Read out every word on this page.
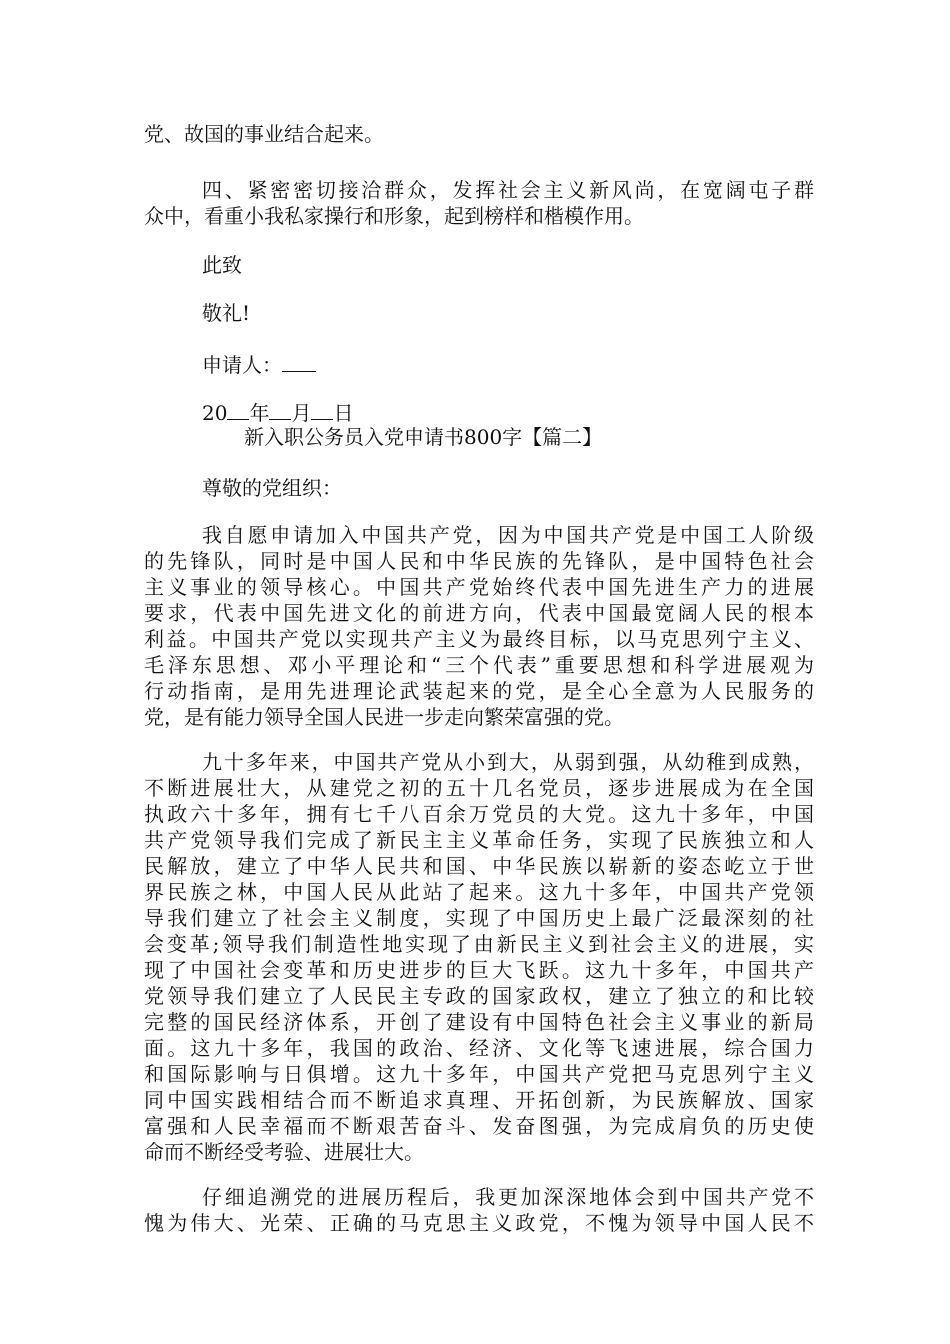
党、故国的事业结合起来。
四、紧密密切接洽群众，发挥社会主义新风尚，在宽阔屯子群
众中，看重小我私家操行和形象，起到榜样和楷模作用。
此致
敬礼!
申请人：
20 年 月 日
新入职公务员入党申请书800字【篇二】
尊敬的党组织：
我自愿申请加入中国共产党，因为中国共产党是中国工人阶级
的先锋队，同时是中国人民和中华民族的先锋队，是中国特色社会
主义事业的领导核心。中国共产党始终代表中国先进生产力的进展
要求，代表中国先进文化的前进方向，代表中国最宽阔人民的根本
利益。中国共产党以实现共产主义为最终目标，以马克思列宁主义、
毛泽东思想、邓小平理论和“三个代表”重要思想和科学进展观为
行动指南，是用先进理论武装起来的党，是全心全意为人民服务的
党，是有能力领导全国人民进一步走向繁荣富强的党。
九十多年来，中国共产党从小到大，从弱到强，从幼稚到成熟，
不断进展壮大，从建党之初的五十几名党员，逐步进展成为在全国
执政六十多年，拥有七千八百余万党员的大党。这九十多年，中国
共产党领导我们完成了新民主主义革命任务，实现了民族独立和人
民解放，建立了中华人民共和国、中华民族以崭新的姿态屹立于世
界民族之林，中国人民从此站了起来。这九十多年，中国共产党领
导我们建立了社会主义制度，实现了中国历史上最广泛最深刻的社
会变革;领导我们制造性地实现了由新民主义到社会主义的进展，实
现了中国社会变革和历史进步的巨大飞跃。这九十多年，中国共产
党领导我们建立了人民民主专政的国家政权，建立了独立的和比较
完整的国民经济体系，开创了建设有中国特色社会主义事业的新局
面。这九十多年，我国的政治、经济、文化等飞速进展，综合国力
和国际影响与日俱增。这九十多年，中国共产党把马克思列宁主义
同中国实践相结合而不断追求真理、开拓创新，为民族解放、国家
富强和人民幸福而不断艰苦奋斗、发奋图强，为完成肩负的历史使
命而不断经受考验、进展壮大。
仔细追溯党的进展历程后，我更加深深地体会到中国共产党不
愧为伟大、光荣、正确的马克思主义政党，不愧为领导中国人民不
